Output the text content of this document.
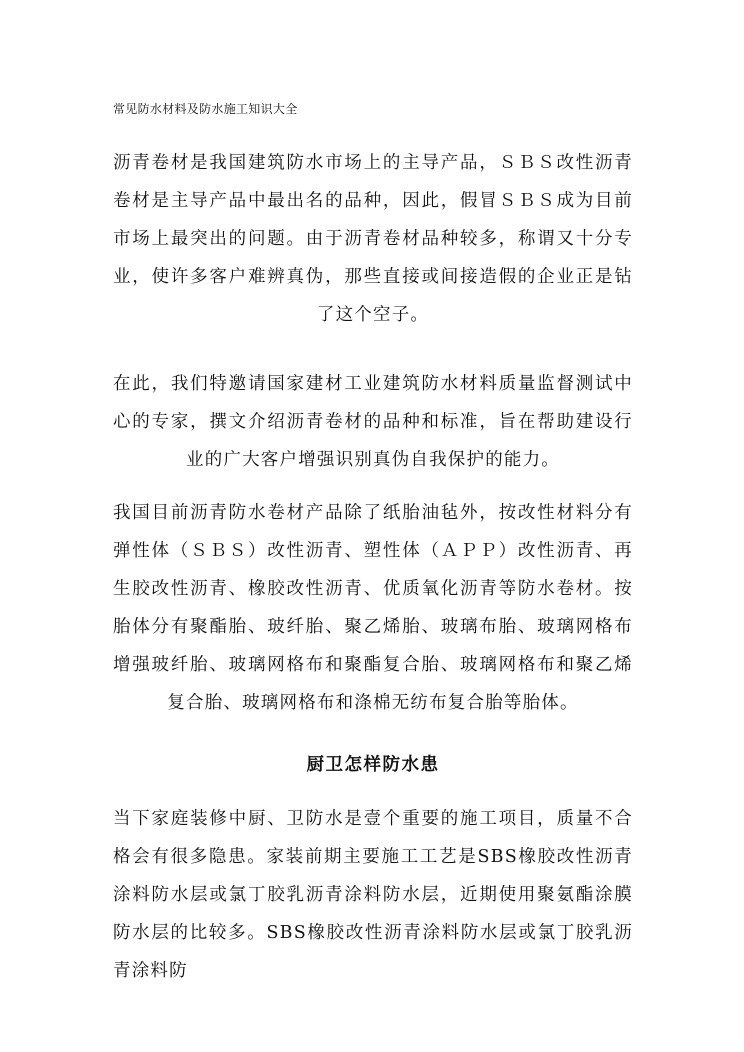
常见防水材料及防水施工知识大全

沥青卷材是我国建筑防水市场上的主导产品，ＳＢＳ改性沥青卷材是主导产品中最出名的品种，因此，假冒ＳＢＳ成为目前市场上最突出的问题。由于沥青卷材品种较多，称谓又十分专业，使许多客户难辨真伪，那些直接或间接造假的企业正是钻了这个空子。

在此，我们特邀请国家建材工业建筑防水材料质量监督测试中心的专家，撰文介绍沥青卷材的品种和标准，旨在帮助建设行业的广大客户增强识别真伪自我保护的能力。

我国目前沥青防水卷材产品除了纸胎油毡外，按改性材料分有弹性体（ＳＢＳ）改性沥青、塑性体（ＡＰＰ）改性沥青、再生胶改性沥青、橡胶改性沥青、优质氧化沥青等防水卷材。按胎体分有聚酯胎、玻纤胎、聚乙烯胎、玻璃布胎、玻璃网格布增强玻纤胎、玻璃网格布和聚酯复合胎、玻璃网格布和聚乙烯复合胎、玻璃网格布和涤棉无纺布复合胎等胎体。

厨卫怎样防水患

当下家庭装修中厨、卫防水是壹个重要的施工项目，质量不合格会有很多隐患。家装前期主要施工工艺是SBS橡胶改性沥青涂料防水层或氯丁胶乳沥青涂料防水层，近期使用聚氨酯涂膜防水层的比较多。SBS橡胶改性沥青涂料防水层或氯丁胶乳沥青涂料防
